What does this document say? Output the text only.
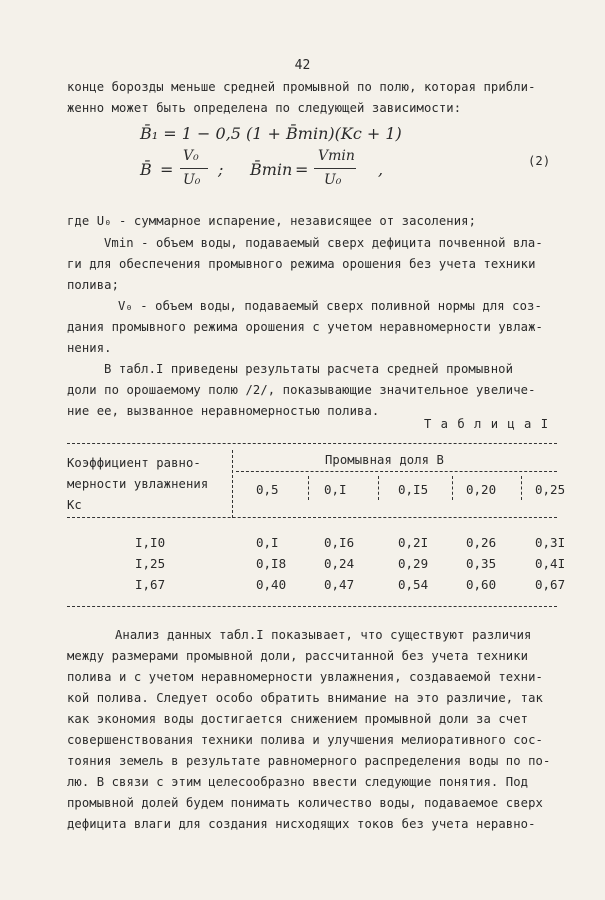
42
конце борозды меньше средней промывной по полю, которая прибли-
женно может быть определена по следующей зависимости:
B̄₁ = 1 − 0,5 (1 + B̄min)(Kc + 1)
B̄ =
V₀
U₀
; B̄min =
Vmin
U₀
,	(2)
где U₀ - суммарное испарение, независящее от засоления;
Vmin - объем воды, подаваемый сверх дефицита почвенной вла-
ги для обеспечения промывного режима орошения без учета техники
полива;
V₀ - объем воды, подаваемый сверх поливной нормы для соз-
дания промывного режима орошения с учетом неравномерности увлаж-
нения.
В табл.I приведены результаты расчета средней промывной
доли по орошаемому полю /2/, показывающие значительное увеличе-
ние ее, вызванное неравномерностью полива.
Т а б л и ц а I
Коэффициент равно-
мерности увлажнения
Kc
Промывная доля В
0,5	0,I	0,I5	0,20	0,25
I,I0	0,I	0,I6	0,2I	0,26	0,3I
I,25	0,I8	0,24	0,29	0,35	0,4I
I,67	0,40	0,47	0,54	0,60	0,67
Анализ данных табл.I показывает, что существуют различия
между размерами промывной доли, рассчитанной без учета техники
полива и с учетом неравномерности увлажнения, создаваемой техни-
кой полива. Следует особо обратить внимание на это различие, так
как экономия воды достигается снижением промывной доли за счет
совершенствования техники полива и улучшения мелиоративного сос-
тояния земель в результате равномерного распределения воды по по-
лю. В связи с этим целесообразно ввести следующие понятия. Под
промывной долей будем понимать количество воды, подаваемое сверх
дефицита влаги для создания нисходящих токов без учета неравно-
